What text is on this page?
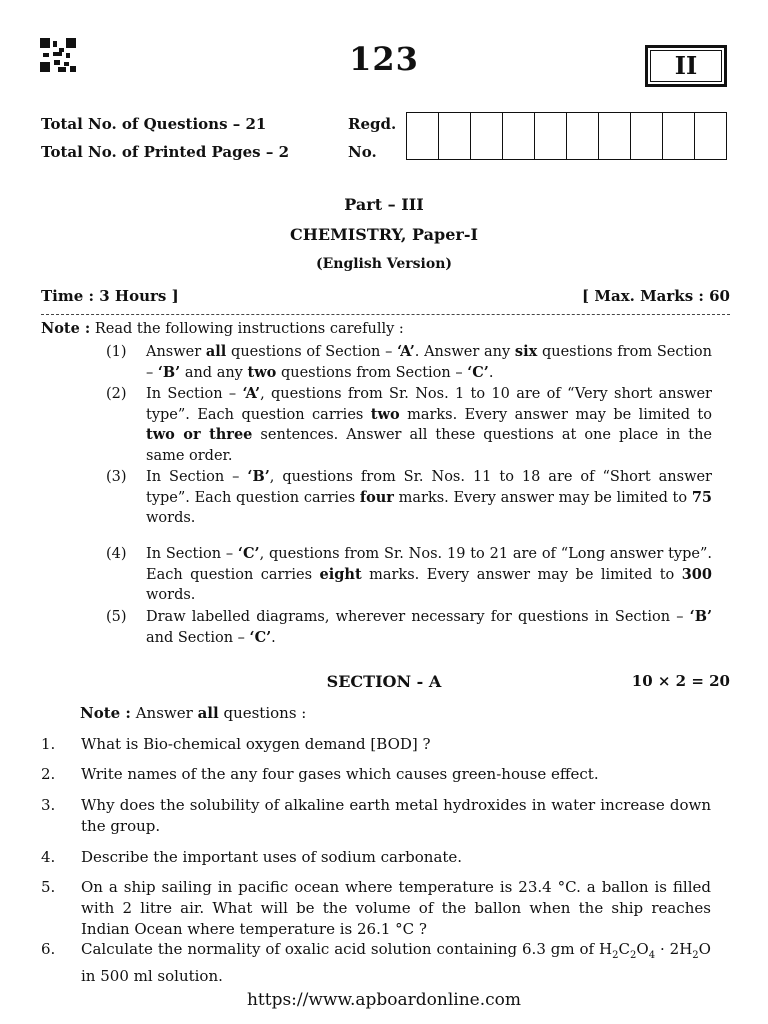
123	II
Total No. of Questions – 21
Total No. of Printed Pages – 2
Regd.
No.
Part – III
CHEMISTRY, Paper-I
(English Version)
Time : 3 Hours ]	[ Max. Marks : 60
Note : Read the following instructions carefully :
(1)	Answer all questions of Section – ‘A’. Answer any six questions from Section – ‘B’ and any two questions from Section – ‘C’.
(2)	In Section – ‘A’, questions from Sr. Nos. 1 to 10 are of “Very short answer type”. Each question carries two marks. Every answer may be limited to two or three sentences. Answer all these questions at one place in the same order.
(3)	In Section – ‘B’, questions from Sr. Nos. 11 to 18 are of “Short answer type”. Each question carries four marks. Every answer may be limited to 75 words.
(4)	In Section – ‘C’, questions from Sr. Nos. 19 to 21 are of “Long answer type”. Each question carries eight marks. Every answer may be limited to 300 words.
(5)	Draw labelled diagrams, wherever necessary for questions in Section – ‘B’ and Section – ‘C’.
SECTION - A	10 × 2 = 20
Note : Answer all questions :
1.	What is Bio-chemical oxygen demand [BOD] ?
2.	Write names of the any four gases which causes green-house effect.
3.	Why does the solubility of alkaline earth metal hydroxides in water increase down the group.
4.	Describe the important uses of sodium carbonate.
5.	On a ship sailing in pacific ocean where temperature is 23.4 °C. a ballon is filled with 2 litre air. What will be the volume of the ballon when the ship reaches Indian Ocean where temperature is 26.1 °C ?
6.	Calculate the normality of oxalic acid solution containing 6.3 gm of $H_2C_2O_4 \cdot 2H_2O$ in 500 ml solution.
https://www.apboardonline.com
